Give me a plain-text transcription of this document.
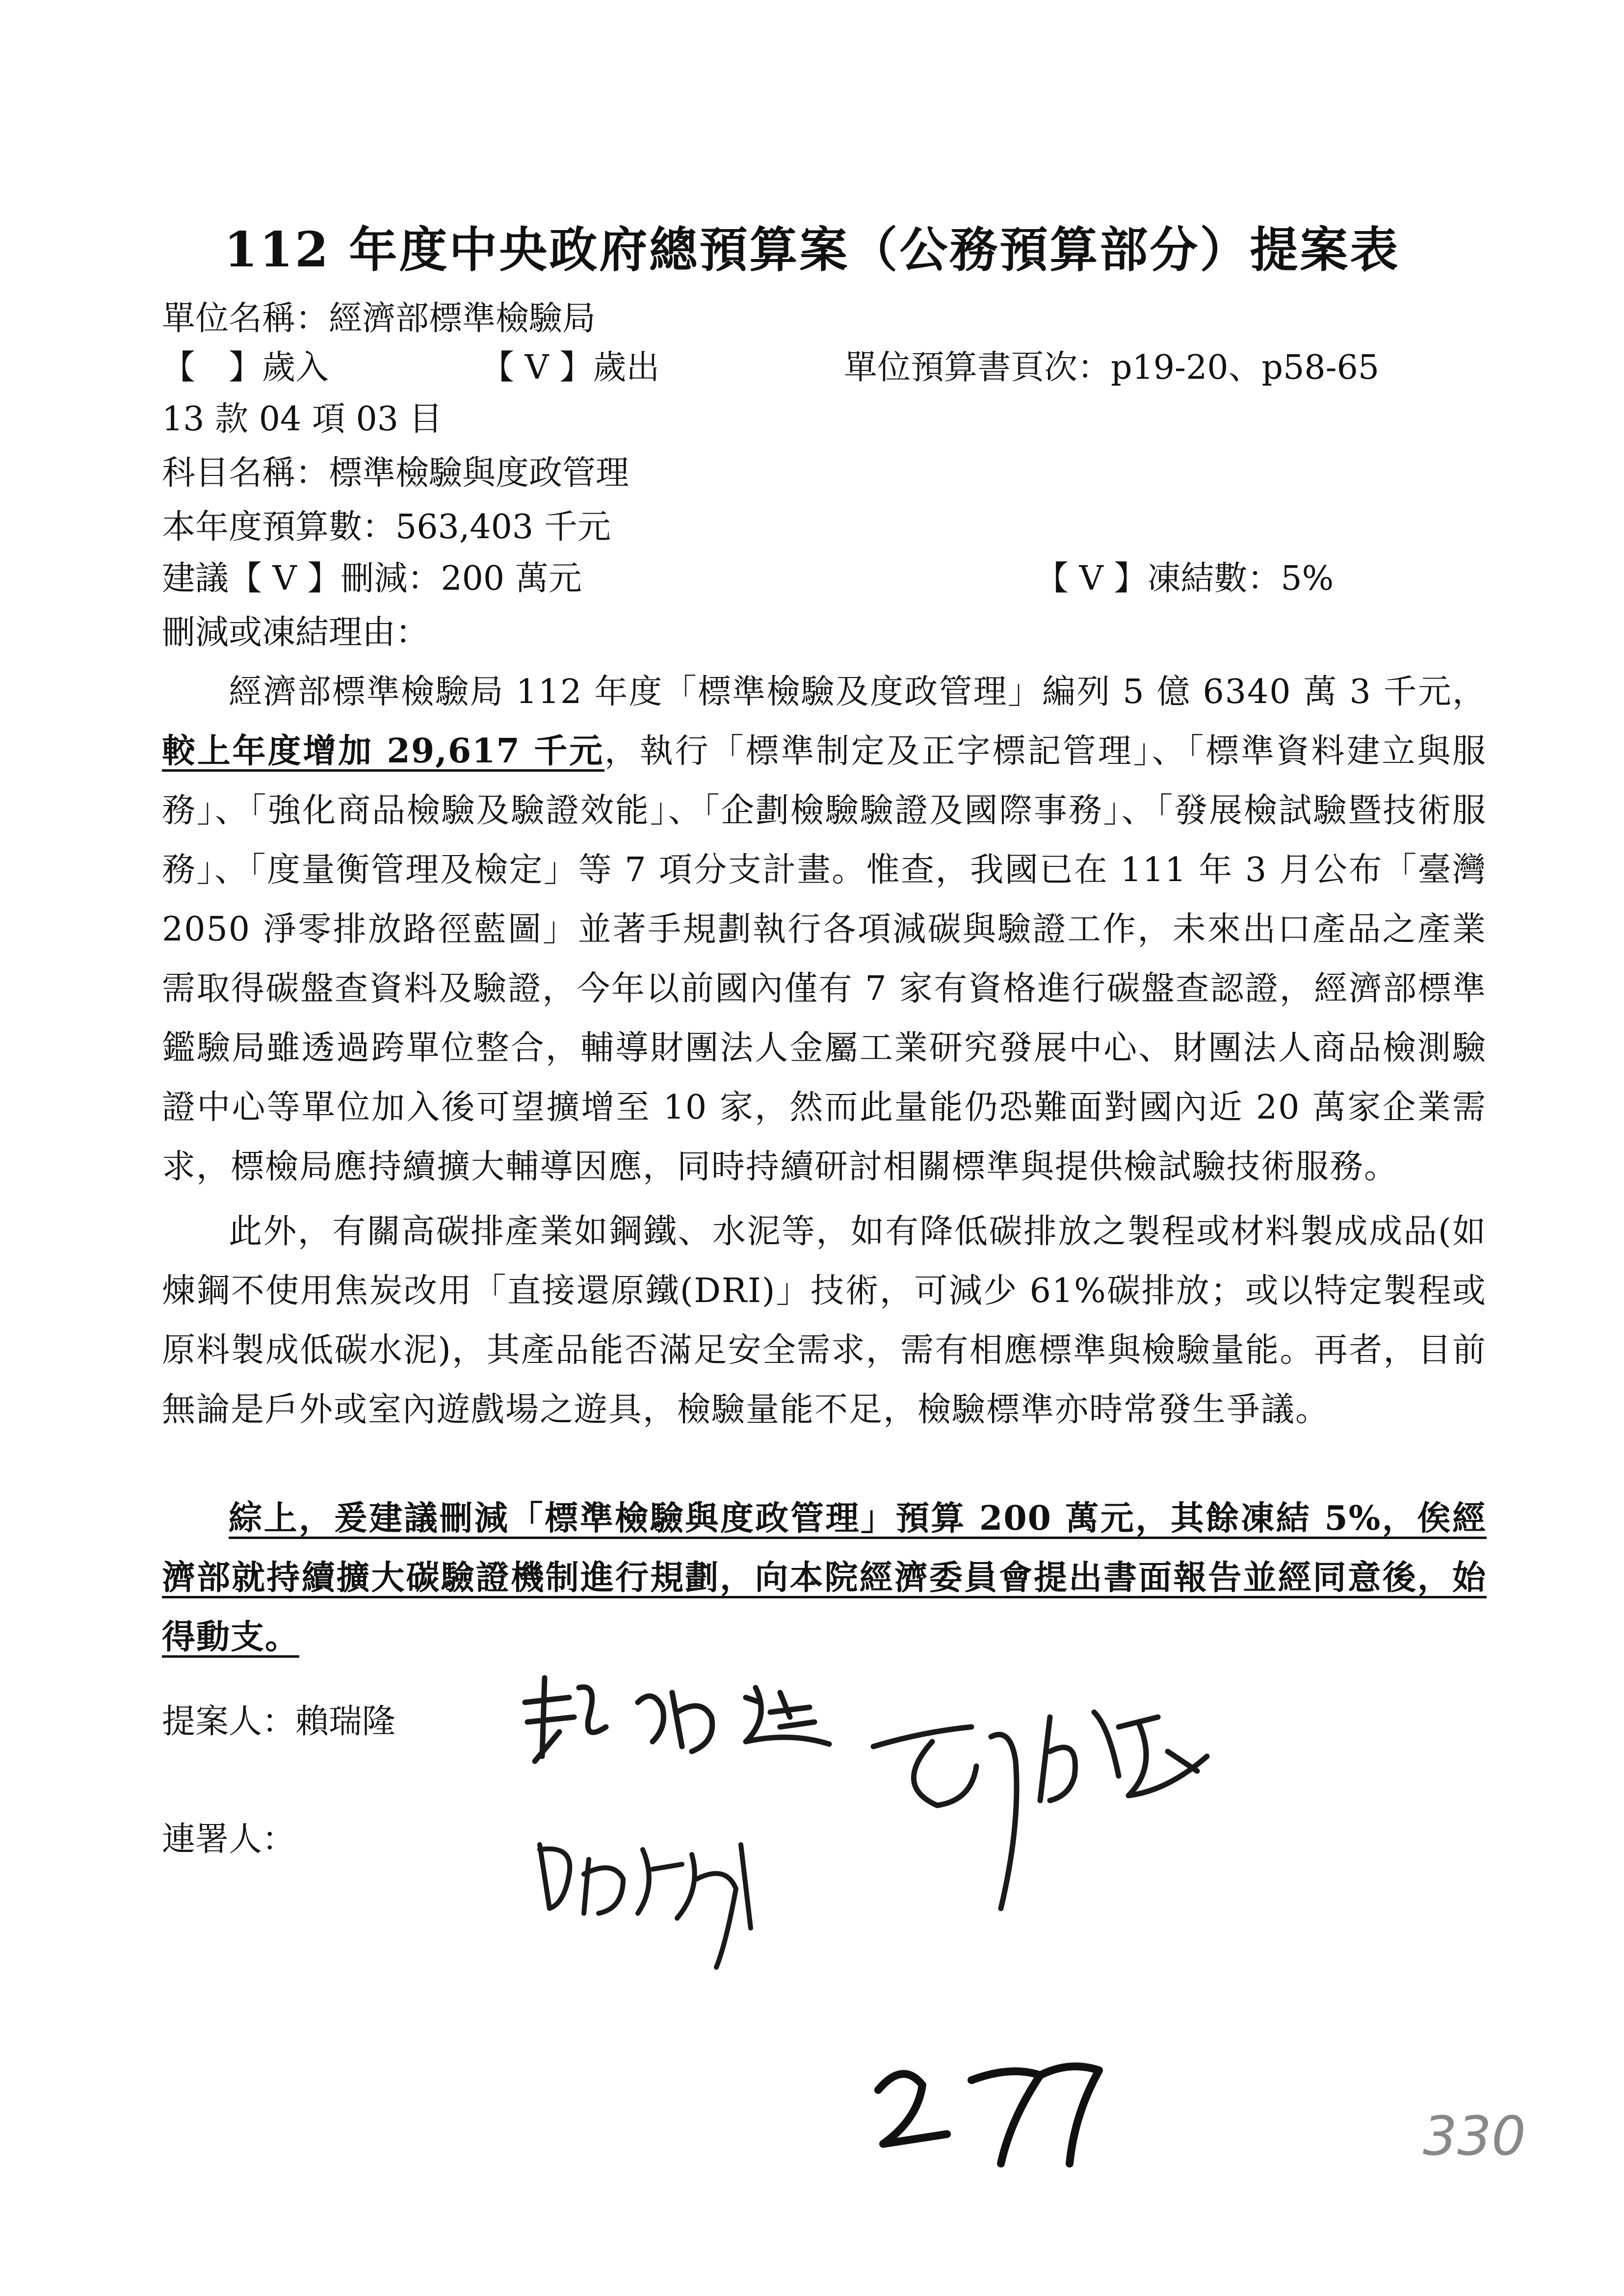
112 年度中央政府總預算案（公務預算部分）提案表
單位名稱：經濟部標準檢驗局
【　】歲入	【 V 】歲出	單位預算書頁次：p19-20、p58-65
13 款 04 項 03 目
科目名稱：標準檢驗與度政管理
本年度預算數：563,403 千元
建議【 V 】刪減：200 萬元	【 V 】凍結數：5%
刪減或凍結理由：
經濟部標準檢驗局 112 年度「標準檢驗及度政管理」編列 5 億 6340 萬 3 千元，較上年度增加 29,617 千元，執行「標準制定及正字標記管理」、「標準資料建立與服務」、「強化商品檢驗及驗證效能」、「企劃檢驗驗證及國際事務」、「發展檢試驗暨技術服務」、「度量衡管理及檢定」等 7 項分支計畫。惟查，我國已在 111 年 3 月公布「臺灣 2050 淨零排放路徑藍圖」並著手規劃執行各項減碳與驗證工作，未來出口產品之產業需取得碳盤查資料及驗證，今年以前國內僅有 7 家有資格進行碳盤查認證，經濟部標準鑑驗局雖透過跨單位整合，輔導財團法人金屬工業研究發展中心、財團法人商品檢測驗證中心等單位加入後可望擴增至 10 家，然而此量能仍恐難面對國內近 20 萬家企業需求，標檢局應持續擴大輔導因應，同時持續研討相關標準與提供檢試驗技術服務。
此外，有關高碳排產業如鋼鐵、水泥等，如有降低碳排放之製程或材料製成成品(如煉鋼不使用焦炭改用「直接還原鐵(DRI)」技術，可減少 61%碳排放；或以特定製程或原料製成低碳水泥)，其產品能否滿足安全需求，需有相應標準與檢驗量能。再者，目前無論是戶外或室內遊戲場之遊具，檢驗量能不足，檢驗標準亦時常發生爭議。
綜上，爰建議刪減「標準檢驗與度政管理」預算 200 萬元，其餘凍結 5%，俟經濟部就持續擴大碳驗證機制進行規劃，向本院經濟委員會提出書面報告並經同意後，始得動支。
提案人：賴瑞隆
連署人：
330
